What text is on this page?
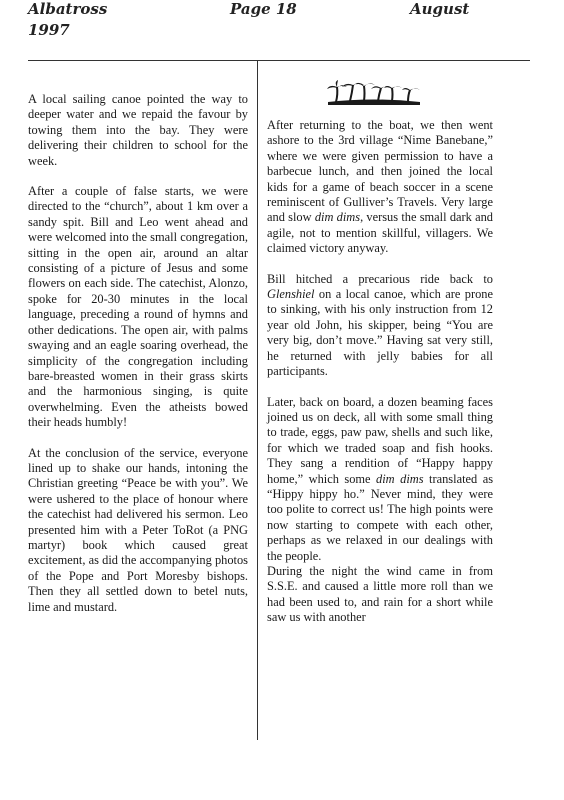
Albatross
1997
Page 18	August

A local sailing canoe pointed the way to deeper water and we repaid the favour by towing them into the bay. They were delivering their children to school for the week.

After a couple of false starts, we were directed to the “church”, about 1 km over a sandy spit. Bill and Leo went ahead and were welcomed into the small congregation, sitting in the open air, around an altar consisting of a picture of Jesus and some flowers on each side. The catechist, Alonzo, spoke for 20-30 minutes in the local language, preceding a round of hymns and other dedications. The open air, with palms swaying and an eagle soaring overhead, the simplicity of the congregation including bare-breasted women in their grass skirts and the harmonious singing, is quite overwhelming. Even the atheists bowed their heads humbly!

At the conclusion of the service, everyone lined up to shake our hands, intoning the Christian greeting “Peace be with you”. We were ushered to the place of honour where the catechist had delivered his sermon. Leo presented him with a Peter ToRot (a PNG martyr) book which caused great excitement, as did the accompanying photos of the Pope and Port Moresby bishops. Then they all settled down to betel nuts, lime and mustard.

After returning to the boat, we then went ashore to the 3rd village “Nime Banebane,” where we were given permission to have a barbecue lunch, and then joined the local kids for a game of beach soccer in a scene reminiscent of Gulliver’s Travels. Very large and slow dim dims, versus the small dark and agile, not to mention skillful, villagers. We claimed victory anyway.

Bill hitched a precarious ride back to Glenshiel on a local canoe, which are prone to sinking, with his only instruction from 12 year old John, his skipper, being “You are very big, don’t move.” Having sat very still, he returned with jelly babies for all participants.

Later, back on board, a dozen beaming faces joined us on deck, all with some small thing to trade, eggs, paw paw, shells and such like, for which we traded soap and fish hooks. They sang a rendition of “Happy happy home,” which some dim dims translated as “Hippy hippy ho.” Never mind, they were too polite to correct us! The high points were now starting to compete with each other, perhaps as we relaxed in our dealings with the people.

During the night the wind came in from S.S.E. and caused a little more roll than we had been used to, and rain for a short while saw us with another
